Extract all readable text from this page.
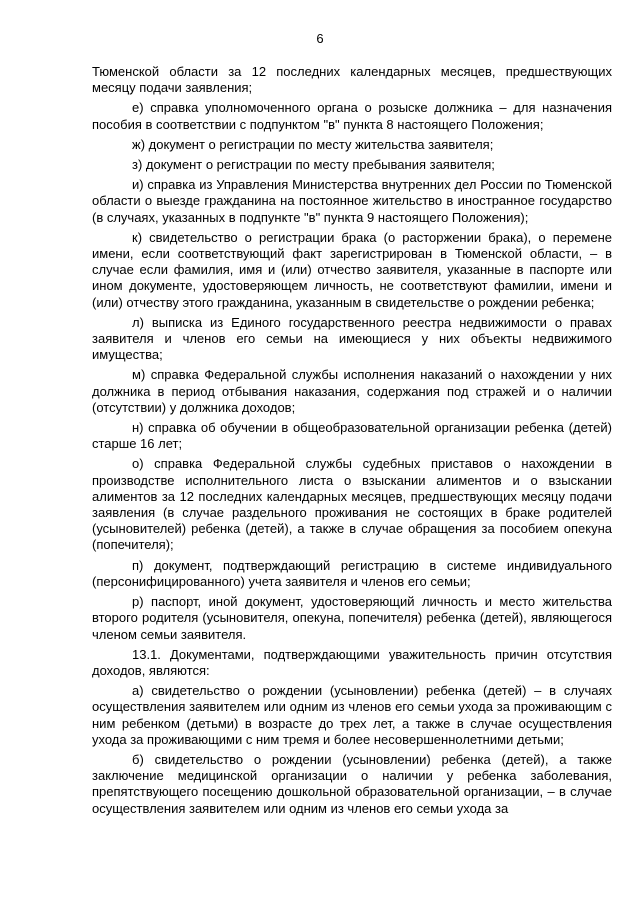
6

Тюменской области за 12 последних календарных месяцев, предшествующих месяцу подачи заявления;

е) справка уполномоченного органа о розыске должника – для назначения пособия в соответствии с подпунктом "в" пункта 8 настоящего Положения;

ж) документ о регистрации по месту жительства заявителя;

з) документ о регистрации по месту пребывания заявителя;

и) справка из Управления Министерства внутренних дел России по Тюменской области о выезде гражданина на постоянное жительство в иностранное государство (в случаях, указанных в подпункте "в" пункта 9 настоящего Положения);

к) свидетельство о регистрации брака (о расторжении брака), о перемене имени, если соответствующий факт зарегистрирован в Тюменской области, – в случае если фамилия, имя и (или) отчество заявителя, указанные в паспорте или ином документе, удостоверяющем личность, не соответствуют фамилии, имени и (или) отчеству этого гражданина, указанным в свидетельстве о рождении ребенка;

л) выписка из Единого государственного реестра недвижимости о правах заявителя и членов его семьи на имеющиеся у них объекты недвижимого имущества;

м) справка Федеральной службы исполнения наказаний о нахождении у них должника в период отбывания наказания, содержания под стражей и о наличии (отсутствии) у должника доходов;

н) справка об обучении в общеобразовательной организации ребенка (детей) старше 16 лет;

о) справка Федеральной службы судебных приставов о нахождении в производстве исполнительного листа о взыскании алиментов и о взыскании алиментов за 12 последних календарных месяцев, предшествующих месяцу подачи заявления (в случае раздельного проживания не состоящих в браке родителей (усыновителей) ребенка (детей), а также в случае обращения за пособием опекуна (попечителя);

п) документ, подтверждающий регистрацию в системе индивидуального (персонифицированного) учета заявителя и членов его семьи;

р) паспорт, иной документ, удостоверяющий личность и место жительства второго родителя (усыновителя, опекуна, попечителя) ребенка (детей), являющегося членом семьи заявителя.

13.1. Документами, подтверждающими уважительность причин отсутствия доходов, являются:

а) свидетельство о рождении (усыновлении) ребенка (детей) – в случаях осуществления заявителем или одним из членов его семьи ухода за проживающим с ним ребенком (детьми) в возрасте до трех лет, а также в случае осуществления ухода за проживающими с ним тремя и более несовершеннолетними детьми;

б) свидетельство о рождении (усыновлении) ребенка (детей), а также заключение медицинской организации о наличии у ребенка заболевания, препятствующего посещению дошкольной образовательной организации, – в случае осуществления заявителем или одним из членов его семьи ухода за
